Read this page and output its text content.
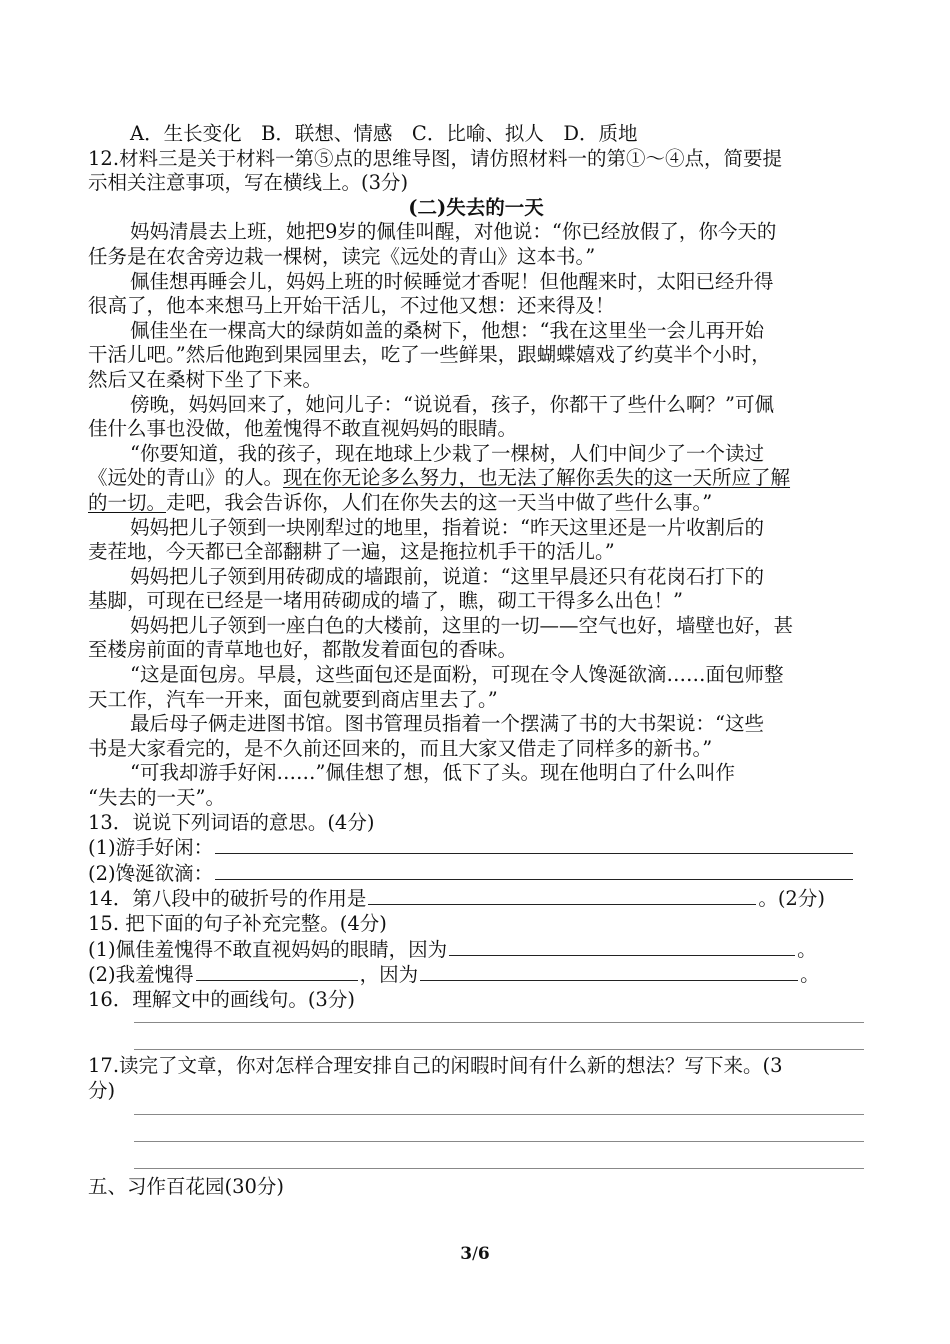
A．生长变化　B．联想、情感　C．比喻、拟人　D．质地
12.材料三是关于材料一第⑤点的思维导图，请仿照材料一的第①～④点，简要提
示相关注意事项，写在横线上。(3分)
(二)失去的一天
妈妈清晨去上班，她把9岁的佩佳叫醒，对他说：“你已经放假了，你今天的
任务是在农舍旁边栽一棵树，读完《远处的青山》这本书。”
佩佳想再睡会儿，妈妈上班的时候睡觉才香呢！但他醒来时，太阳已经升得
很高了，他本来想马上开始干活儿，不过他又想：还来得及！
佩佳坐在一棵高大的绿荫如盖的桑树下，他想：“我在这里坐一会儿再开始
干活儿吧。”然后他跑到果园里去，吃了一些鲜果，跟蝴蝶嬉戏了约莫半个小时，
然后又在桑树下坐了下来。
傍晚，妈妈回来了，她问儿子：“说说看，孩子，你都干了些什么啊？”可佩
佳什么事也没做，他羞愧得不敢直视妈妈的眼睛。
“你要知道，我的孩子，现在地球上少栽了一棵树，人们中间少了一个读过
《远处的青山》的人。现在你无论多么努力，也无法了解你丢失的这一天所应了解
的一切。走吧，我会告诉你，人们在你失去的这一天当中做了些什么事。”
妈妈把儿子领到一块刚犁过的地里，指着说：“昨天这里还是一片收割后的
麦茬地，今天都已全部翻耕了一遍，这是拖拉机手干的活儿。”
妈妈把儿子领到用砖砌成的墙跟前，说道：“这里早晨还只有花岗石打下的
基脚，可现在已经是一堵用砖砌成的墙了，瞧，砌工干得多么出色！”
妈妈把儿子领到一座白色的大楼前，这里的一切——空气也好，墙壁也好，甚
至楼房前面的青草地也好，都散发着面包的香味。
“这是面包房。早晨，这些面包还是面粉，可现在令人馋涎欲滴……面包师整
天工作，汽车一开来，面包就要到商店里去了。”
最后母子俩走进图书馆。图书管理员指着一个摆满了书的大书架说：“这些
书是大家看完的，是不久前还回来的，而且大家又借走了同样多的新书。”
“可我却游手好闲……”佩佳想了想，低下了头。现在他明白了什么叫作
“失去的一天”。
13．说说下列词语的意思。(4分)
(1)游手好闲：
(2)馋涎欲滴：
14．第八段中的破折号的作用是	。(2分)
15. 把下面的句子补充完整。(4分)
(1)佩佳羞愧得不敢直视妈妈的眼睛，因为	。
(2)我羞愧得	，因为	。
16．理解文中的画线句。(3分)
17.读完了文章，你对怎样合理安排自己的闲暇时间有什么新的想法？写下来。(3
分)
五、习作百花园(30分)
3/6
